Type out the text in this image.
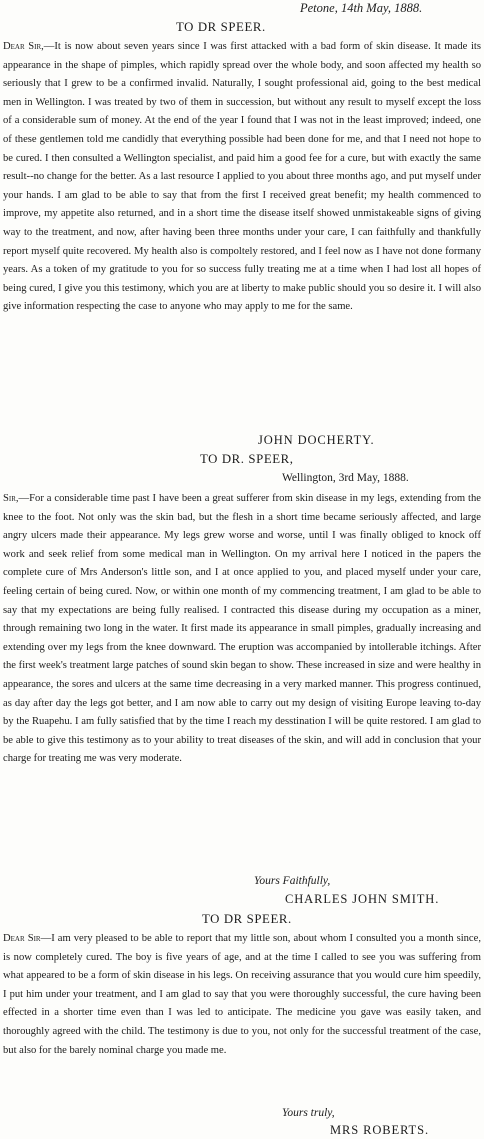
Petone, 14th May, 1888.
TO DR SPEER.
Dear Sir,—It is now about seven years since I was first attacked with a bad form of skin disease. It made its appearance in the shape of pimples, which rapidly spread over the whole body, and soon affected my health so seriously that I grew to be a confirmed invalid. Naturally, I sought professional aid, going to the best medical men in Wellington. I was treated by two of them in succession, but without any result to myself except the loss of a considerable sum of money. At the end of the year I found that I was not in the least improved; indeed, one of these gentlemen told me candidly that everything possible had been done for me, and that I need not hope to be cured. I then consulted a Wellington specialist, and paid him a good fee for a cure, but with exactly the same result--no change for the better. As a last resource I applied to you about three months ago, and put myself under your hands. I am glad to be able to say that from the first I received great benefit; my health commenced to improve, my appetite also returned, and in a short time the disease itself showed unmistakeable signs of giving way to the treatment, and now, after having been three months under your care, I can faithfully and thankfully report myself quite recovered. My health also is compoltely restored, and I feel now as I have not done formany years. As a token of my gratitude to you for so success fully treating me at a time when I had lost all hopes of being cured, I give you this testimony, which you are at liberty to make public should you so desire it. I will also give information respecting the case to anyone who may apply to me for the same.
JOHN DOCHERTY.
TO DR. SPEER,
Wellington, 3rd May, 1888.
Sir,—For a considerable time past I have been a great sufferer from skin disease in my legs, extending from the knee to the foot. Not only was the skin bad, but the flesh in a short time became seriously affected, and large angry ulcers made their appearance. My legs grew worse and worse, until I was finally obliged to knock off work and seek relief from some medical man in Wellington. On my arrival here I noticed in the papers the complete cure of Mrs Anderson's little son, and I at once applied to you, and placed myself under your care, feeling certain of being cured. Now, or within one month of my commencing treatment, I am glad to be able to say that my expectations are being fully realised. I contracted this disease during my occupation as a miner, through remaining two long in the water. It first made its appearance in small pimples, gradually increasing and extending over my legs from the knee downward. The eruption was accompanied by intollerable itchings. After the first week's treatment large patches of sound skin began to show. These increased in size and were healthy in appearance, the sores and ulcers at the same time decreasing in a very marked manner. This progress continued, as day after day the legs got better, and I am now able to carry out my design of visiting Europe leaving to-day by the Ruapehu. I am fully satisfied that by the time I reach my desstination I will be quite restored. I am glad to be able to give this testimony as to your ability to treat diseases of the skin, and will add in conclusion that your charge for treating me was very moderate.
Yours Faithfully,
CHARLES JOHN SMITH.
TO DR SPEER.
Dear Sir—I am very pleased to be able to report that my little son, about whom I consulted you a month since, is now completely cured. The boy is five years of age, and at the time I called to see you was suffering from what appeared to be a form of skin disease in his legs. On receiving assurance that you would cure him speedily, I put him under your treatment, and I am glad to say that you were thoroughly successful, the cure having been effected in a shorter time even than I was led to anticipate. The medicine you gave was easily taken, and thoroughly agreed with the child. The testimony is due to you, not only for the successful treatment of the case, but also for the barely nominal charge you made me.
Yours truly,
MRS ROBERTS.
